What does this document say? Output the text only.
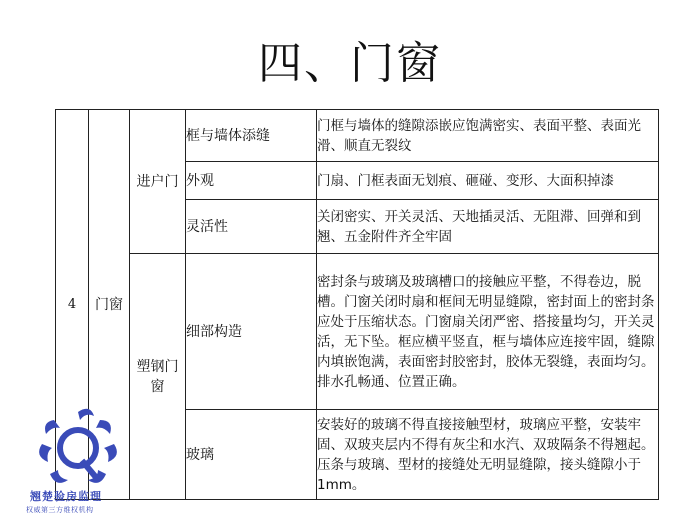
四、门窗
4	门窗	进户门	框与墙体添缝	门框与墙体的缝隙添嵌应饱满密实、表面平整、表面光滑、顺直无裂纹
			外观	门扇、门框表面无划痕、砸碰、变形、大面积掉漆
			灵活性	关闭密实、开关灵活、天地插灵活、无阻滞、回弹和到翘、五金附件齐全牢固
		塑钢门窗	细部构造	密封条与玻璃及玻璃槽口的接触应平整，不得卷边，脱槽。门窗关闭时扇和框间无明显缝隙，密封面上的密封条应处于压缩状态。门窗扇关闭严密、搭接量均匀，开关灵活，无下坠。框应横平竖直，框与墙体应连接牢固，缝隙内填嵌饱满，表面密封胶密封，胶体无裂缝，表面均匀。排水孔畅通、位置正确。
			玻璃	安装好的玻璃不得直接接触型材，玻璃应平整，安装牢固、双玻夹层内不得有灰尘和水汽、双玻隔条不得翘起。压条与玻璃、型材的接缝处无明显缝隙，接头缝隙小于1mm。
翘楚验房监理
权威第三方维权机构
